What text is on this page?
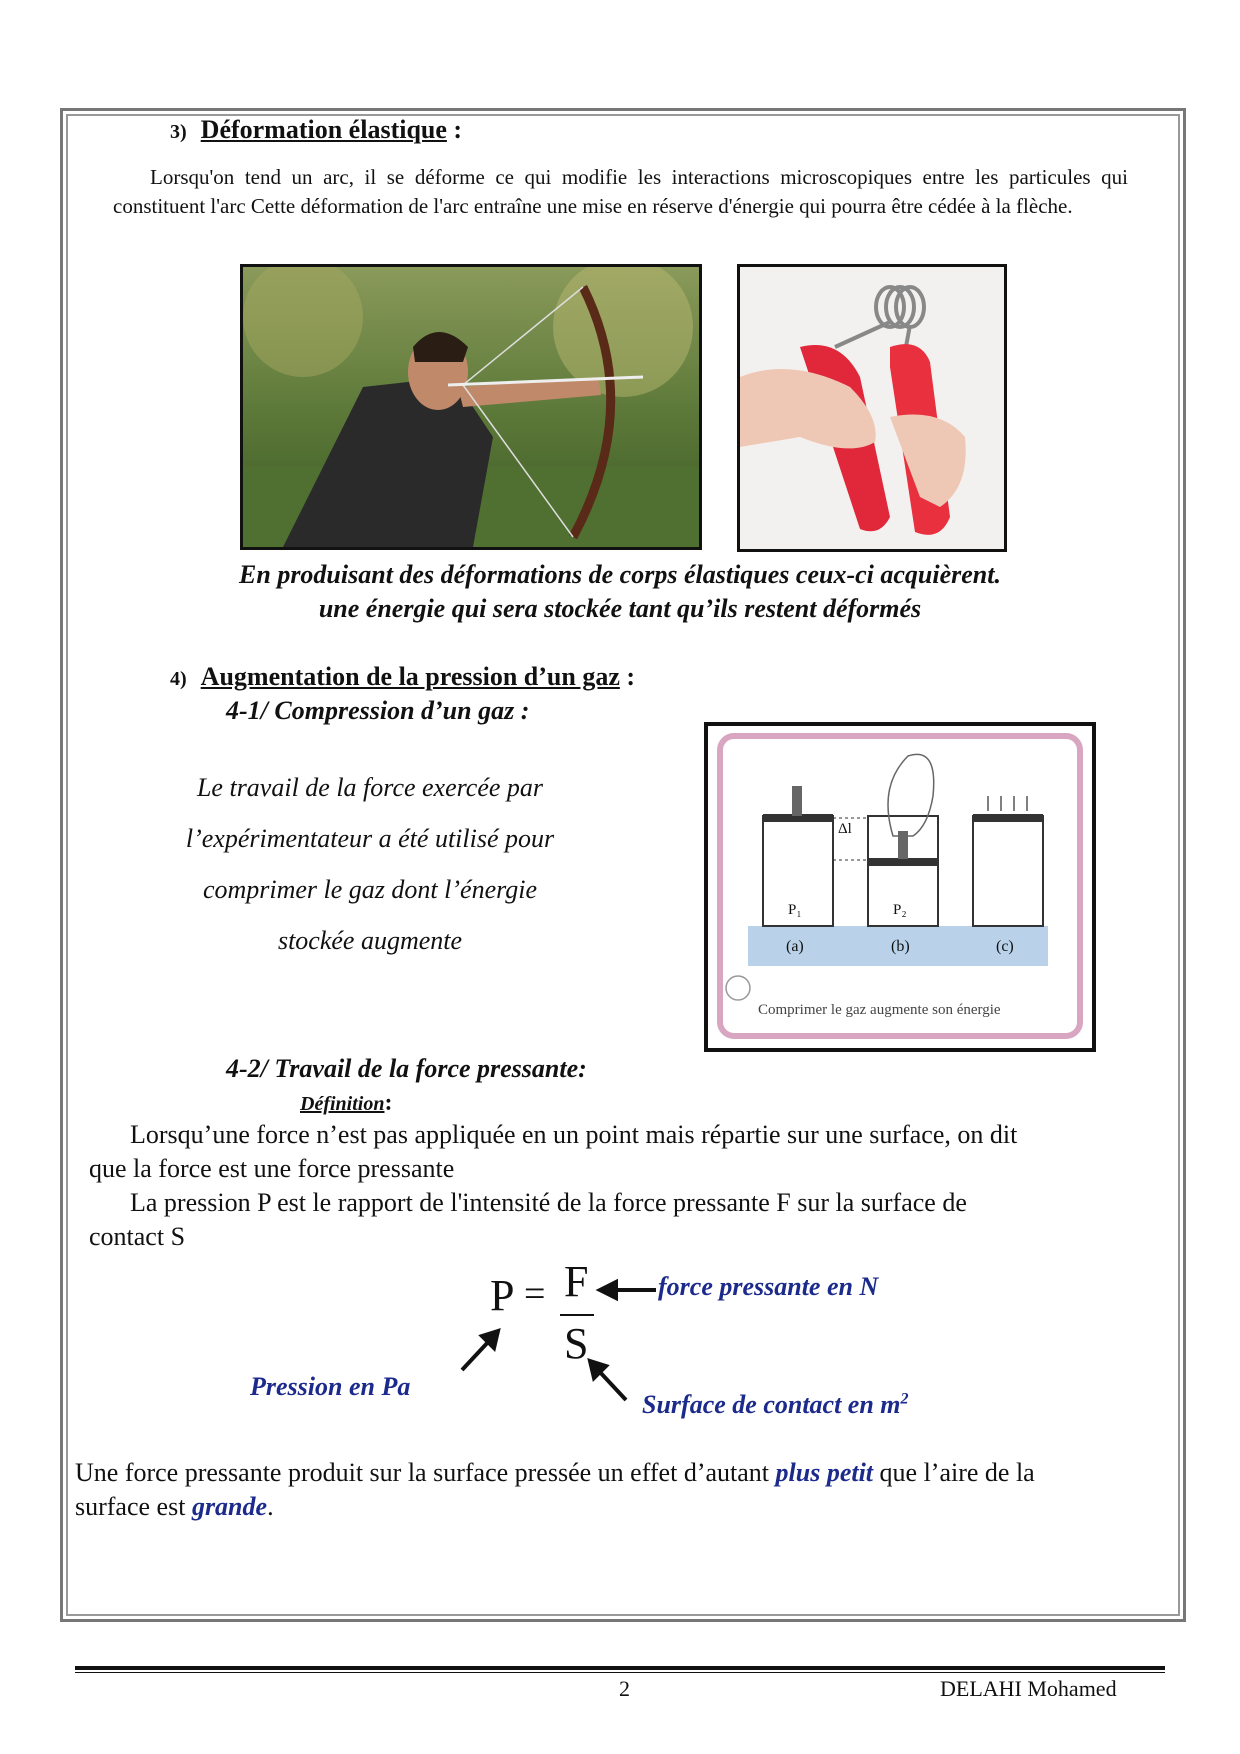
3) Déformation élastique :
Lorsqu'on tend un arc, il se déforme ce qui modifie les interactions microscopiques entre les particules qui constituent l'arc Cette déformation de l'arc entraîne une mise en réserve d'énergie qui pourra être cédée à la flèche.
En produisant des déformations de corps élastiques ceux-ci acquièrent.
une énergie qui sera stockée tant qu’ils restent déformés
4) Augmentation de la pression d’un gaz :
4-1/ Compression d’un gaz :
Le travail de la force exercée par
l’expérimentateur a été utilisé pour
comprimer le gaz dont l’énergie
stockée augmente
Δl
P₁	P₂
(a)	(b)	(c)
Comprimer le gaz augmente son énergie
4-2/ Travail de la force pressante:
Définition:
Lorsqu’une force n’est pas appliquée en un point mais répartie sur une surface, on dit
que la force est une force pressante
La pression P est le rapport de l'intensité de la force pressante F sur la surface de
contact S
P = F
S
force pressante en N
Pression en Pa
Surface de contact en $m^2$
Une force pressante produit sur la surface pressée un effet d’autant plus petit que l’aire de la
surface est grande.
2	DELAHI Mohamed
